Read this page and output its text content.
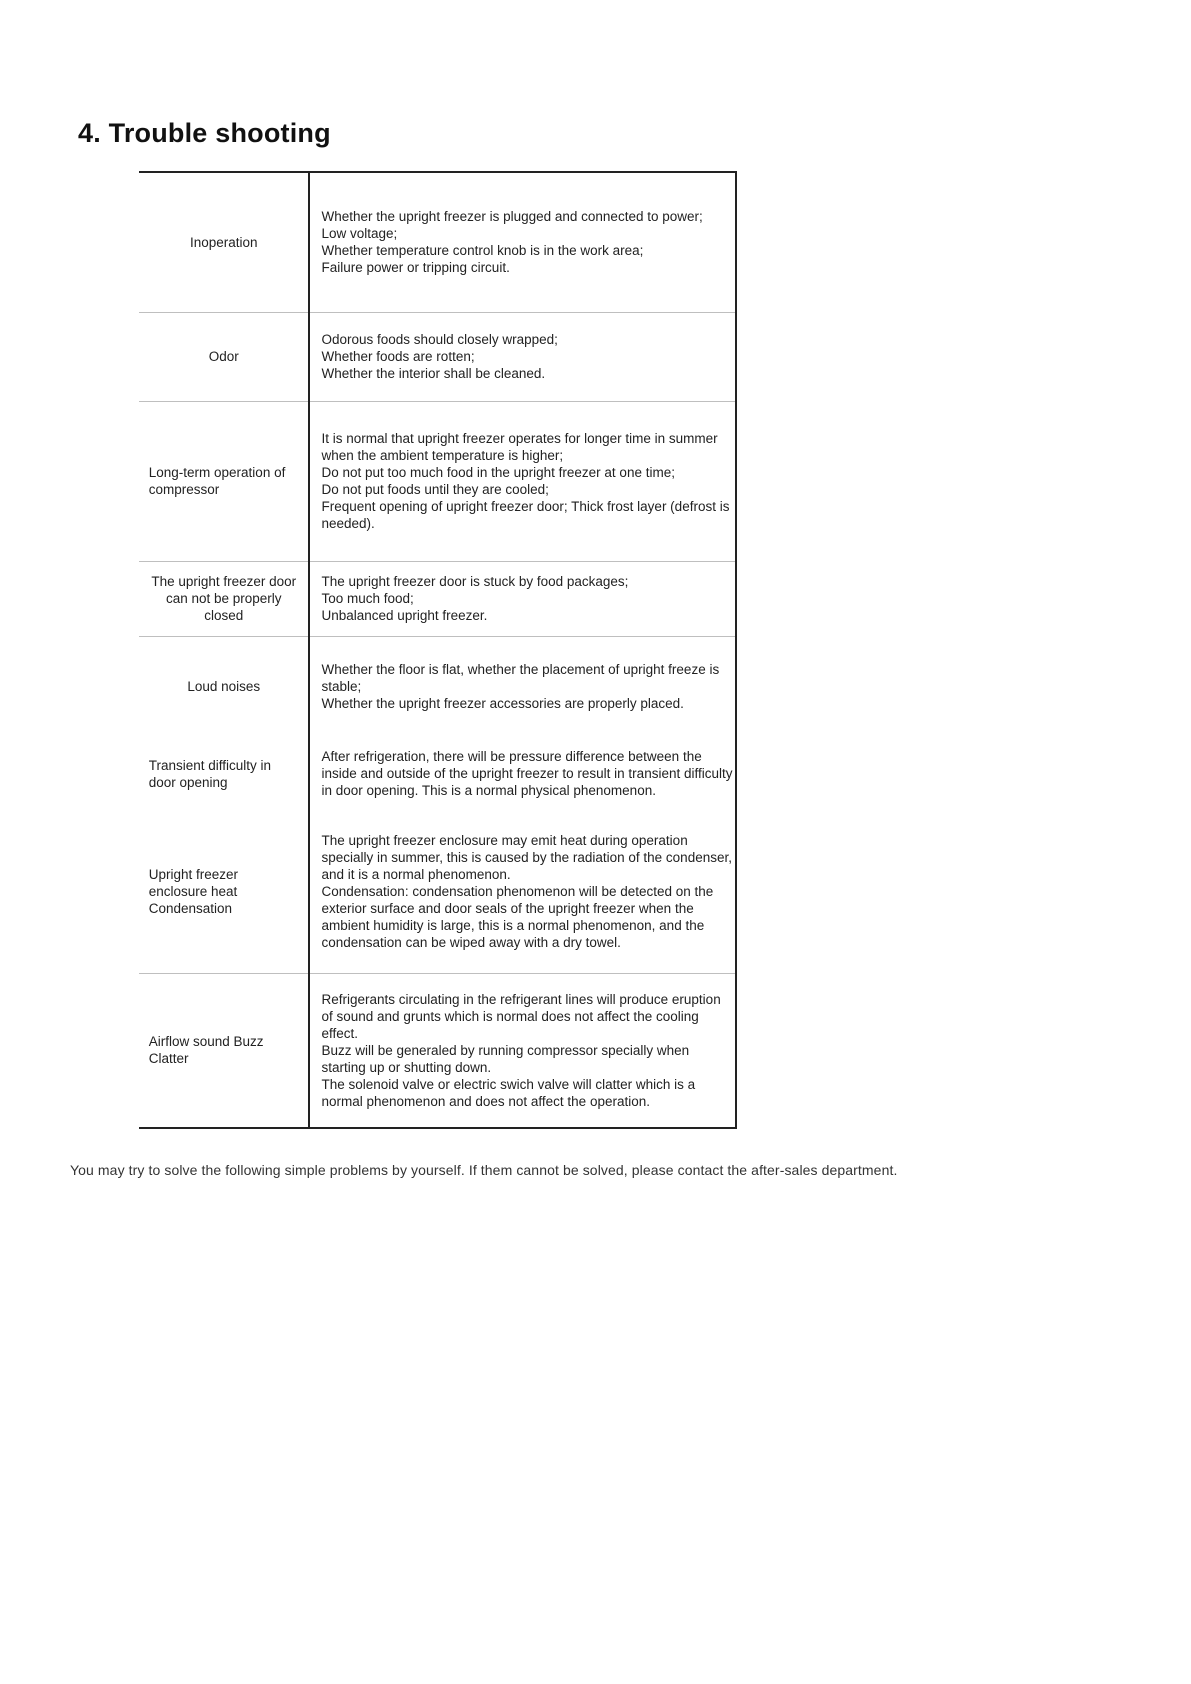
4. Trouble shooting
Inoperation	Whether the upright freezer is plugged and connected to power;
Low voltage;
Whether temperature control knob is in the work area;
Failure power or tripping circuit.

Odor	Odorous foods should closely wrapped;
Whether foods are rotten;
Whether the interior shall be cleaned.

Long-term operation of compressor	It is normal that upright freezer operates for longer time in summer when the ambient temperature is higher;
Do not put too much food in the upright freezer at one time;
Do not put foods until they are cooled;
Frequent opening of upright freezer door; Thick frost layer (defrost is needed).

The upright freezer door can not be properly closed	The upright freezer door is stuck by food packages;
Too much food;
Unbalanced upright freezer.

Loud noises	Whether the floor is flat, whether the placement of upright freeze is stable;
Whether the upright freezer accessories are properly placed.

Transient difficulty in door opening	After refrigeration, there will be pressure difference between the inside and outside of the upright freezer to result in transient difficulty in door opening. This is a normal physical phenomenon.

Upright freezer enclosure heat Condensation	The upright freezer enclosure may emit heat during operation specially in summer, this is caused by the radiation of the condenser, and it is a normal phenomenon.
Condensation: condensation phenomenon will be detected on the exterior surface and door seals of the upright freezer when the ambient humidity is large, this is a normal phenomenon, and the condensation can be wiped away with a dry towel.

Airflow sound Buzz Clatter	Refrigerants circulating in the refrigerant lines will produce eruption of sound and grunts which is normal does not affect the cooling effect.
Buzz will be generaled by running compressor specially when starting up or shutting down.
The solenoid valve or electric swich valve will clatter which is a normal phenomenon and does not affect the operation.
You may try to solve the following simple problems by yourself. If them cannot be solved, please contact the after-sales department.
